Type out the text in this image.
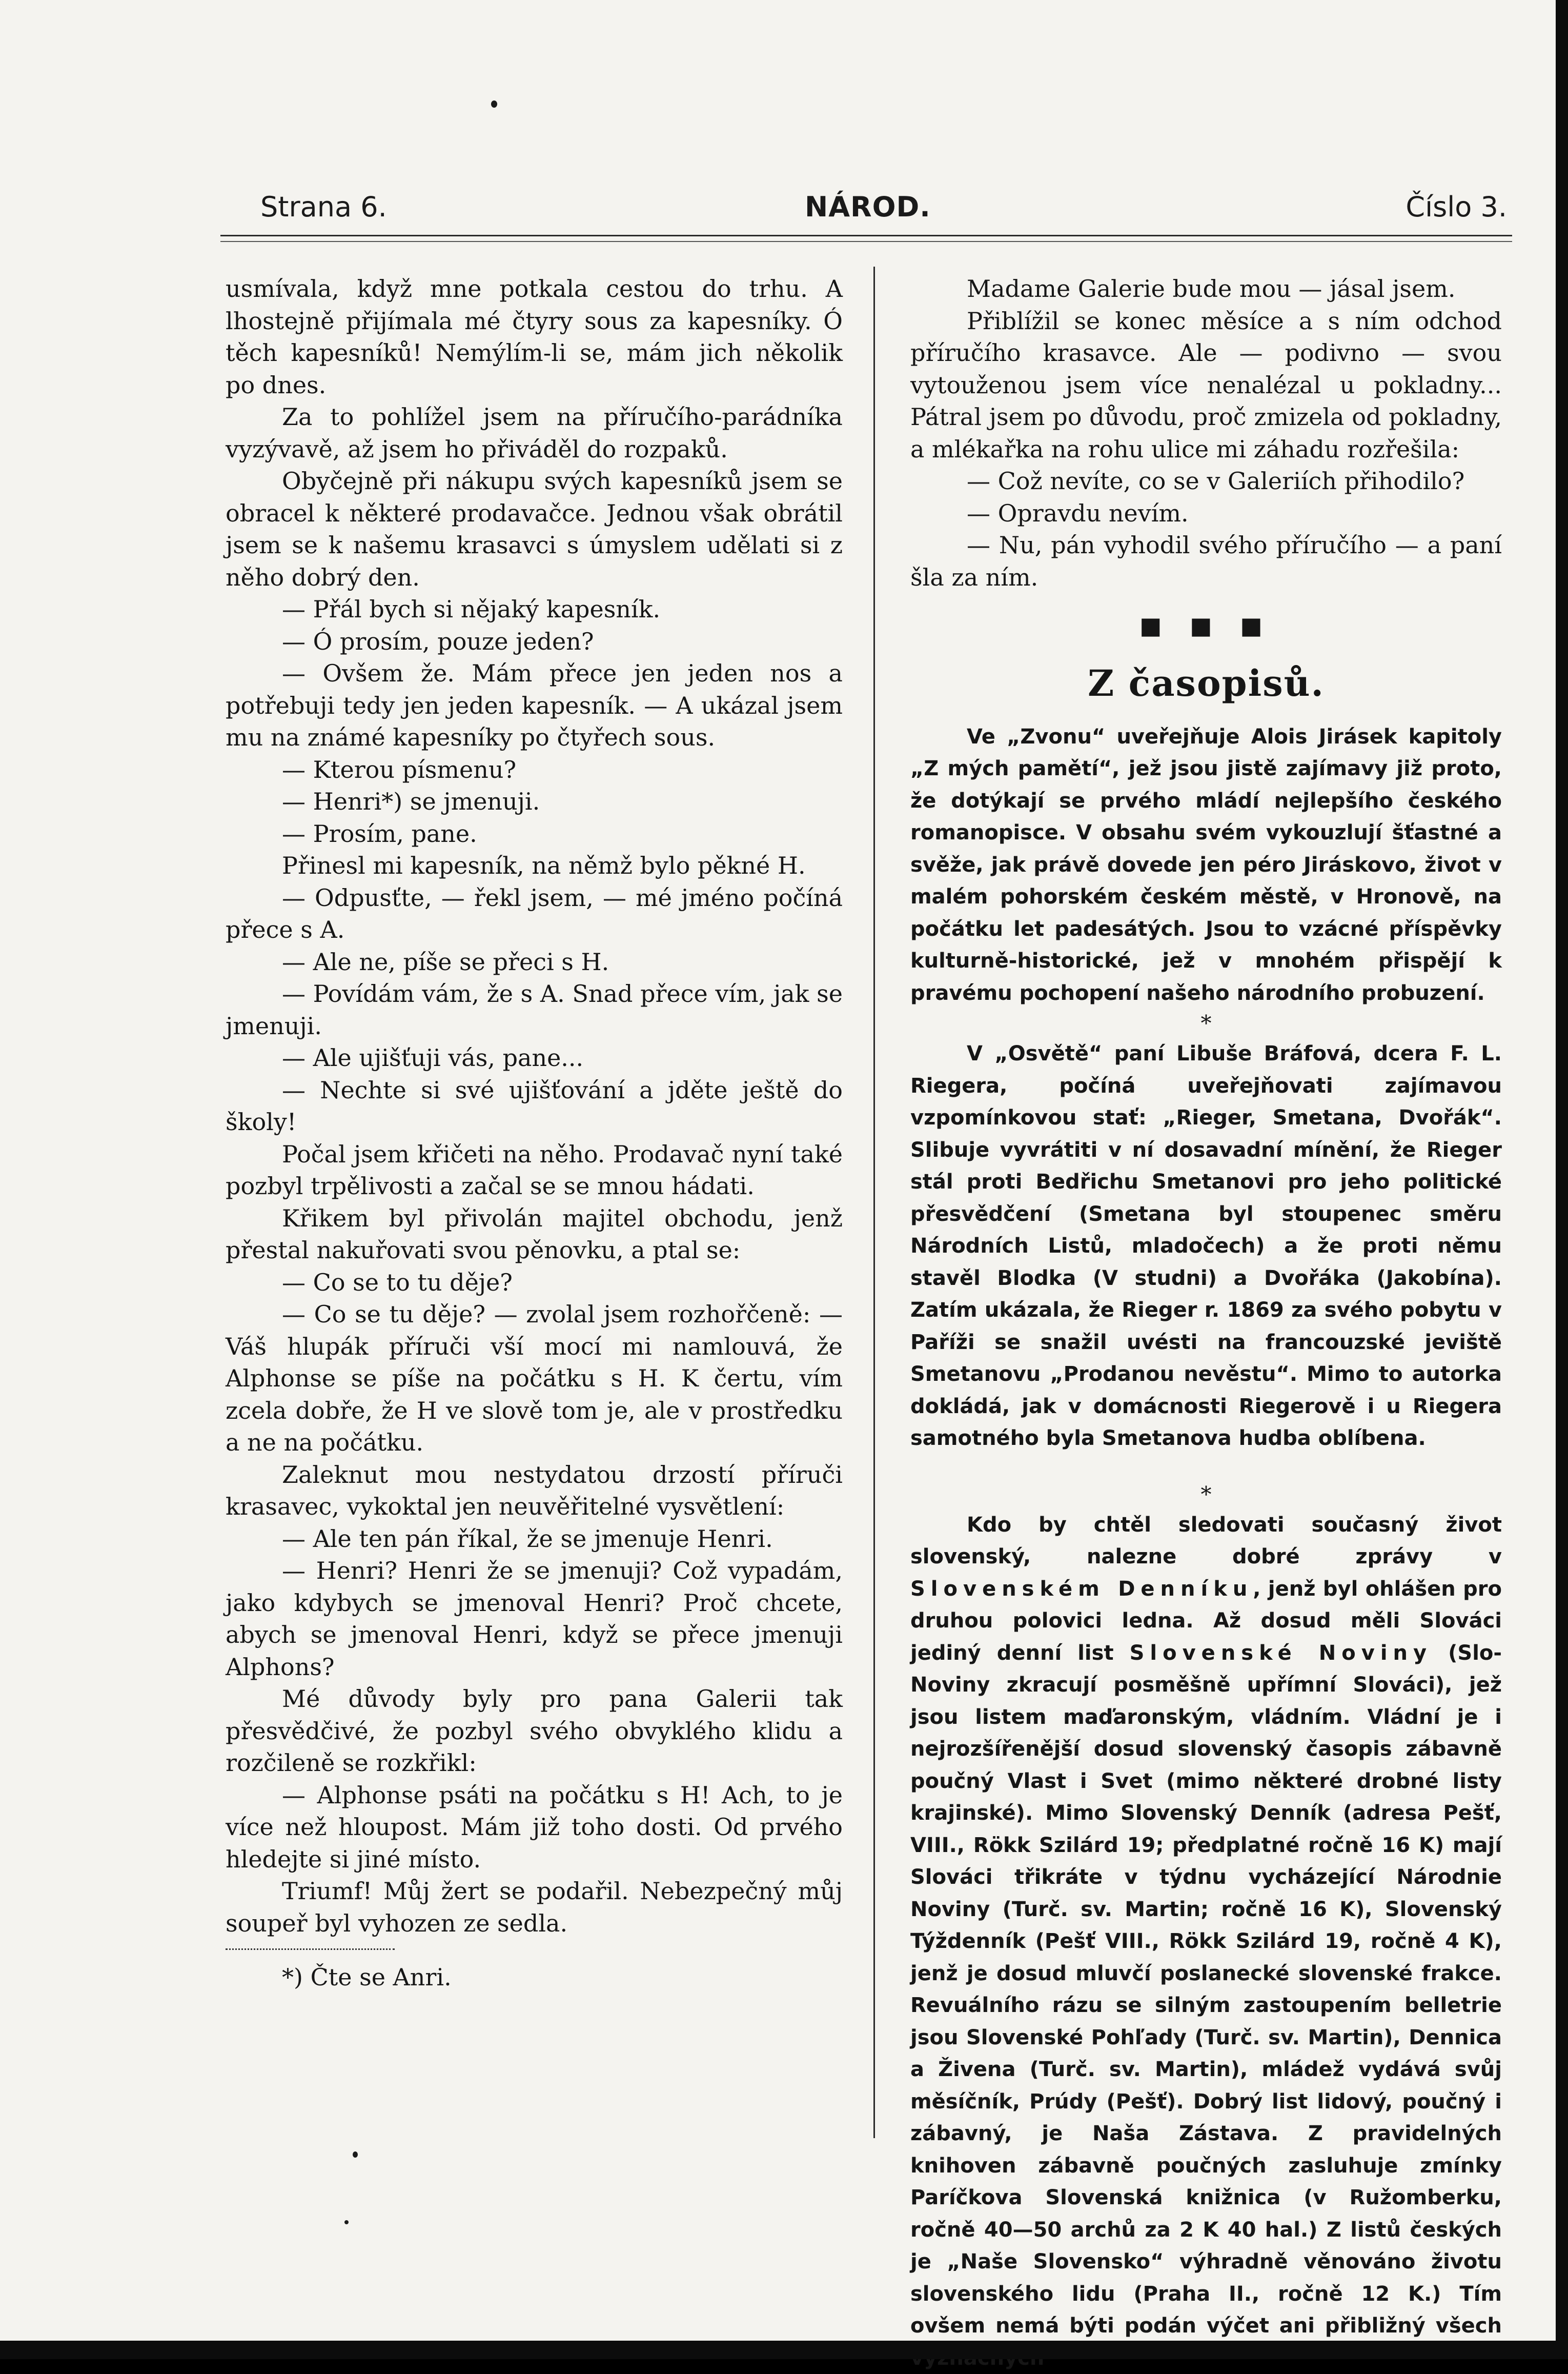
Strana 6.	NÁROD.	Číslo 3.

usmívala, když mne potkala cestou do trhu. A lhostejně přijímala mé čtyry sous za kapesníky. Ó těch kapesníků! Nemýlím-li se, mám jich několik po dnes.

Za to pohlížel jsem na příručího-parádníka vyzývavě, až jsem ho přiváděl do rozpaků.

Obyčejně při nákupu svých kapesníků jsem se obracel k některé prodavačce. Jednou však obrátil jsem se k našemu krasavci s úmyslem udělati si z něho dobrý den.

— Přál bych si nějaký kapesník.

— Ó prosím, pouze jeden?

— Ovšem že. Mám přece jen jeden nos a potřebuji tedy jen jeden kapesník. — A ukázal jsem mu na známé kapesníky po čtyřech sous.

— Kterou písmenu?

— Henri*) se jmenuji.

— Prosím, pane.

Přinesl mi kapesník, na němž bylo pěkné H.

— Odpusťte, — řekl jsem, — mé jméno počíná přece s A.

— Ale ne, píše se přeci s H.

— Povídám vám, že s A. Snad přece vím, jak se jmenuji.

— Ale ujišťuji vás, pane...

— Nechte si své ujišťování a jděte ještě do školy!

Počal jsem křičeti na něho. Prodavač nyní také pozbyl trpělivosti a začal se se mnou hádati.

Křikem byl přivolán majitel obchodu, jenž přestal nakuřovati svou pěnovku, a ptal se:

— Co se to tu děje?

— Co se tu děje? — zvolal jsem rozhořčeně: — Váš hlupák příruči vší mocí mi namlouvá, že Alphonse se píše na počátku s H. K čertu, vím zcela dobře, že H ve slově tom je, ale v prostředku a ne na počátku.

Zaleknut mou nestydatou drzostí příruči krasavec, vykoktal jen neuvěřitelné vysvětlení:

— Ale ten pán říkal, že se jmenuje Henri.

— Henri? Henri že se jmenuji? Což vypadám, jako kdybych se jmenoval Henri? Proč chcete, abych se jmenoval Henri, když se přece jmenuji Alphons?

Mé důvody byly pro pana Galerii tak přesvědčivé, že pozbyl svého obvyklého klidu a rozčileně se rozkřikl:

— Alphonse psáti na počátku s H! Ach, to je více než hloupost. Mám již toho dosti. Od prvého hledejte si jiné místo.

Triumf! Můj žert se podařil. Nebezpečný můj soupeř byl vyhozen ze sedla.

*) Čte se Anri.

Madame Galerie bude mou — jásal jsem.

Přiblížil se konec měsíce a s ním odchod příručího krasavce. Ale — podivno — svou vytouženou jsem více nenalézal u pokladny... Pátral jsem po důvodu, proč zmizela od pokladny, a mlékařka na rohu ulice mi záhadu rozřešila:

— Což nevíte, co se v Galeriích přihodilo?

— Opravdu nevím.

— Nu, pán vyhodil svého příručího — a paní šla za ním.

■ ■ ■
Z časopisů.

Ve „Zvonu“ uveřejňuje Alois Jirásek kapitoly „Z mých pamětí“, jež jsou jistě zajímavy již proto, že dotýkají se prvého mládí nejlepšího českého romanopisce. V obsahu svém vykouzlují šťastné a svěže, jak právě dovede jen péro Jiráskovo, život v malém pohorském českém městě, v Hronově, na počátku let padesátých. Jsou to vzácné příspěvky kulturně-historické, jež v mnohém přispějí k pravému pochopení našeho národního probuzení.

*

V „Osvětě“ paní Libuše Bráfová, dcera F. L. Riegera, počíná uveřejňovati zajímavou vzpomínkovou stať: „Rieger, Smetana, Dvořák“. Slibuje vyvrátiti v ní dosavadní mínění, že Rieger stál proti Bedřichu Smetanovi pro jeho politické přesvědčení (Smetana byl stoupenec směru Národních Listů, mladočech) a že proti němu stavěl Blodka (V studni) a Dvořáka (Jakobína). Zatím ukázala, že Rieger r. 1869 za svého pobytu v Paříži se snažil uvésti na francouzské jeviště Smetanovu „Prodanou nevěstu“. Mimo to autorka dokládá, jak v domácnosti Riegerově i u Riegera samotného byla Smetanova hudba oblíbena.

*

Kdo by chtěl sledovati současný život slovenský, nalezne dobré zprávy v Slovenském Denníku, jenž byl ohlášen pro druhou polovici ledna. Až dosud měli Slováci jediný denní list Slovenské Noviny (Slo-Noviny zkracují posměšně upřímní Slováci), jež jsou listem maďaronským, vládním. Vládní je i nejrozšířenější dosud slovenský časopis zábavně poučný Vlast i Svet (mimo některé drobné listy krajinské). Mimo Slovenský Denník (adresa Pešť, VIII., Rökk Szilárd 19; předplatné ročně 16 K) mají Slováci třikráte v týdnu vycházející Národnie Noviny (Turč. sv. Martin; ročně 16 K), Slovenský Týždenník (Pešť VIII., Rökk Szilárd 19, ročně 4 K), jenž je dosud mluvčí poslanecké slovenské frakce. Revuálního rázu se silným zastoupením belletrie jsou Slovenské Pohľady (Turč. sv. Martin), Dennica a Živena (Turč. sv. Martin), mládež vydává svůj měsíčník, Prúdy (Pešť). Dobrý list lidový, poučný i zábavný, je Naša Zástava. Z pravidelných knihoven zábavně poučných zasluhuje zmínky Paríčkova Slovenská knižnica (v Ružomberku, ročně 40—50 archů za 2 K 40 hal.) Z listů českých je „Naše Slovensko“ výhradně věnováno životu slovenského lidu (Praha II., ročně 12 K.) Tím ovšem nemá býti podán výčet ani přibližný všech
